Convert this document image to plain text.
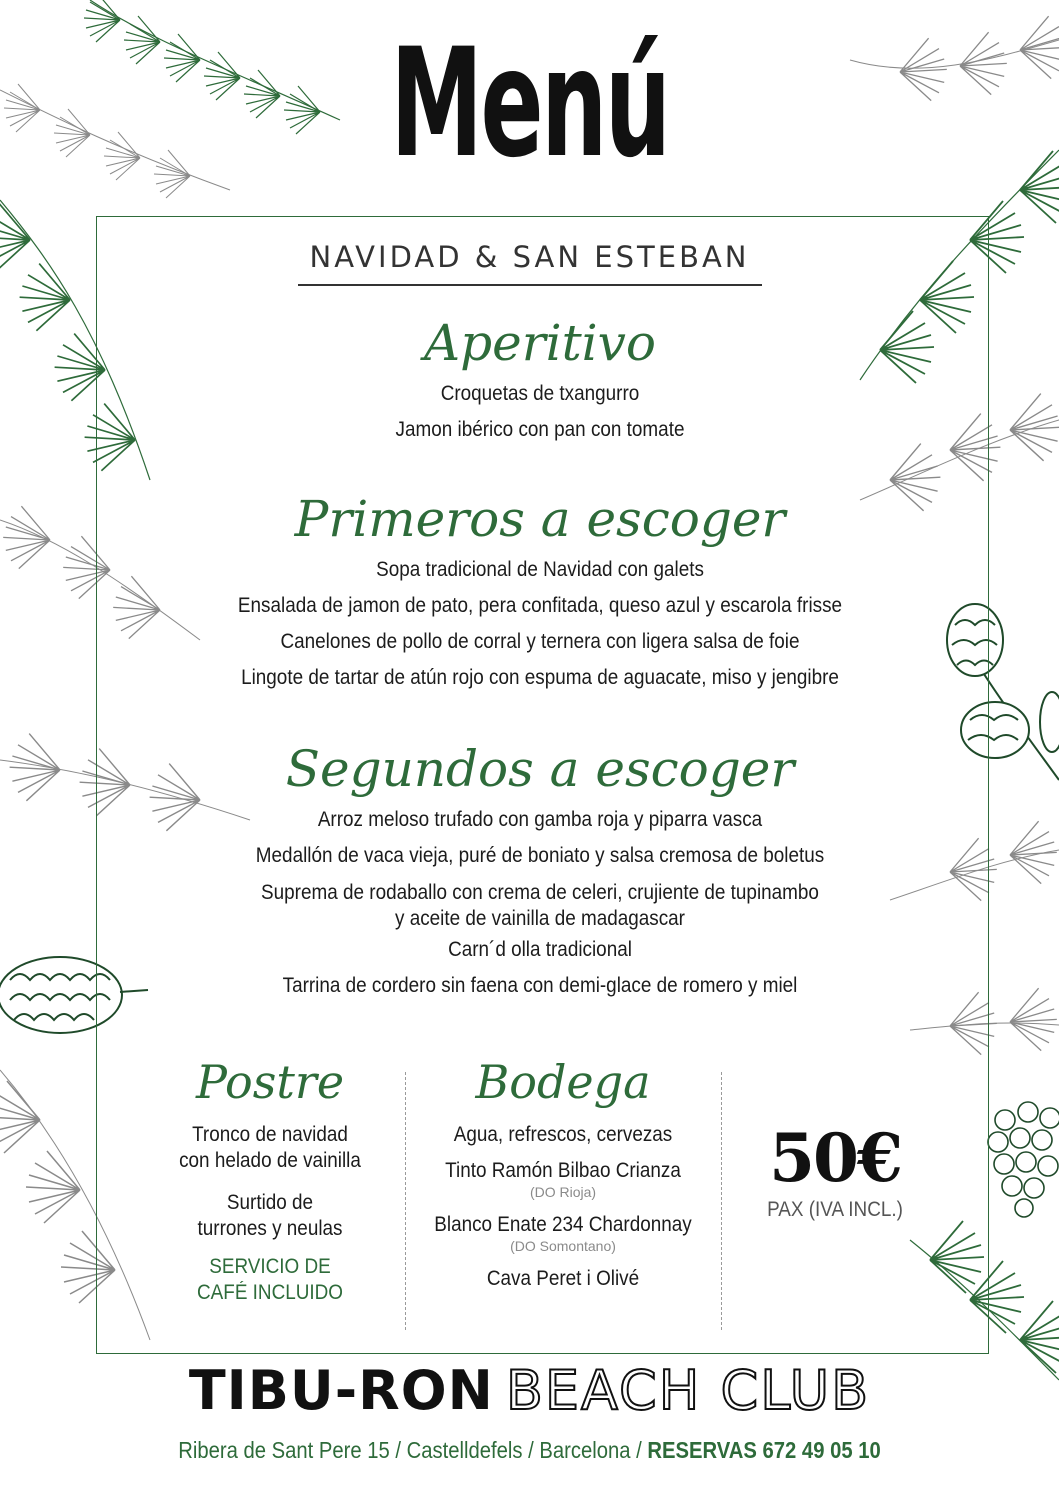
Menú
NAVIDAD & SAN ESTEBAN
Aperitivo
Croquetas de txangurro
Jamon ibérico con pan con tomate
Primeros a escoger
Sopa tradicional de Navidad con galets
Ensalada de jamon de pato, pera confitada, queso azul y escarola frisse
Canelones de pollo de corral y ternera con ligera salsa de foie
Lingote de tartar de atún rojo con espuma de aguacate, miso y jengibre
Segundos a escoger
Arroz meloso trufado con gamba roja y piparra vasca
Medallón de vaca vieja, puré de boniato y salsa cremosa de boletus
Suprema de rodaballo con crema de celeri, crujiente de tupinambo
y aceite de vainilla de madagascar
Carn´d olla tradicional
Tarrina de cordero sin faena con demi-glace de romero y miel
Postre
Tronco de navidad
con helado de vainilla
Surtido de
turrones y neulas
SERVICIO DE
CAFÉ INCLUIDO
Bodega
Agua, refrescos, cervezas
Tinto Ramón Bilbao Crianza
(DO Rioja)
Blanco Enate 234 Chardonnay
(DO Somontano)
Cava Peret i Olivé
50€
PAX (IVA INCL.)
TIBU-RON BEACH CLUB
Ribera de Sant Pere 15 / Castelldefels / Barcelona / RESERVAS 672 49 05 10
